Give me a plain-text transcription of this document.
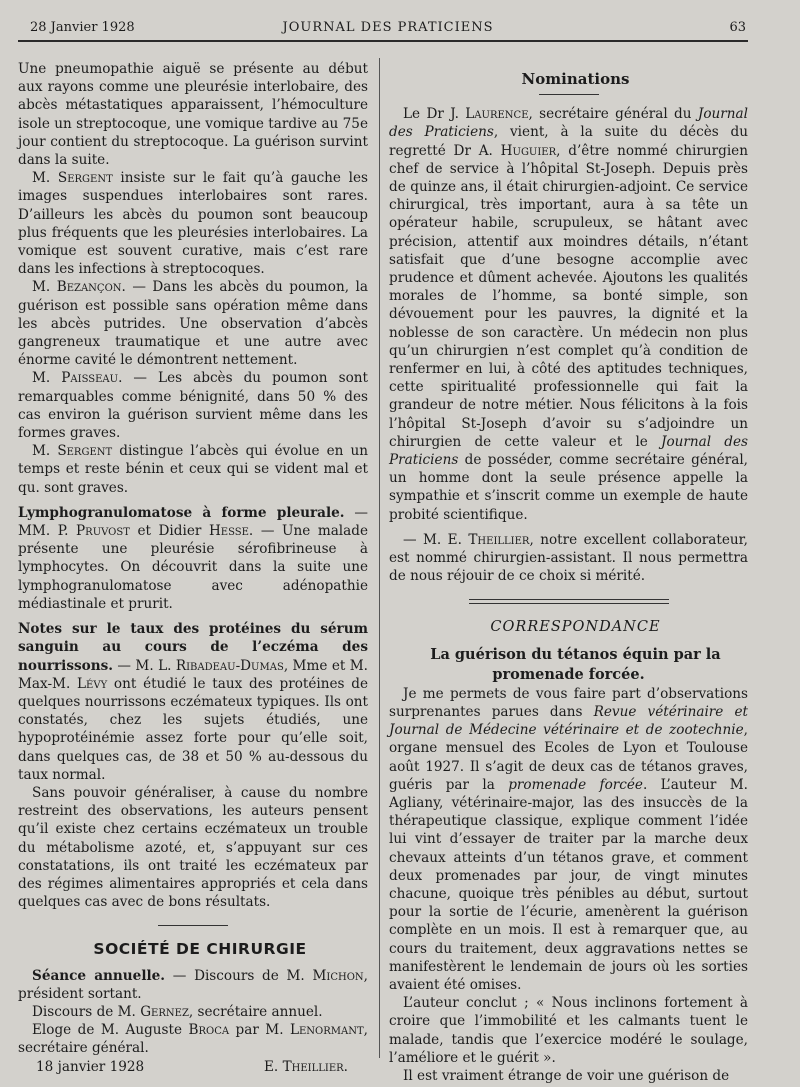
28 Janvier 1928	JOURNAL DES PRATICIENS	63

Une pneumopathie aiguë se présente au début aux rayons comme une pleurésie interlobaire, des abcès métastatiques apparaissent, l’hémoculture isole un streptocoque, une vomique tardive au 75e jour contient du streptocoque. La guérison survint dans la suite.

M. Sergent insiste sur le fait qu’à gauche les images suspendues interlobaires sont rares. D’ailleurs les abcès du poumon sont beaucoup plus fréquents que les pleurésies interlobaires. La vomique est souvent curative, mais c’est rare dans les infections à streptocoques.

M. Bezançon. — Dans les abcès du poumon, la guérison est possible sans opération même dans les abcès putrides. Une observation d’abcès gangreneux traumatique et une autre avec énorme cavité le démontrent nettement.

M. Paisseau. — Les abcès du poumon sont remarquables comme bénignité, dans 50 % des cas environ la guérison survient même dans les formes graves.

M. Sergent distingue l’abcès qui évolue en un temps et reste bénin et ceux qui se vident mal et qu. sont graves.

Lymphogranulomatose à forme pleurale. — MM. P. Pruvost et Didier Hesse. — Une malade présente une pleurésie sérofibrineuse à lymphocytes. On découvrit dans la suite une lymphogranulomatose avec adénopathie médiastinale et prurit.

Notes sur le taux des protéines du sérum sanguin au cours de l’eczéma des nourrissons. — M. L. Ribadeau-Dumas, Mme et M. Max-M. Lévy ont étudié le taux des protéines de quelques nourrissons eczémateux typiques. Ils ont constatés, chez les sujets étudiés, une hypoprotéinémie assez forte pour qu’elle soit, dans quelques cas, de 38 et 50 % au-dessous du taux normal.

Sans pouvoir généraliser, à cause du nombre restreint des observations, les auteurs pensent qu’il existe chez certains eczémateux un trouble du métabolisme azoté, et, s’appuyant sur ces constatations, ils ont traité les eczémateux par des régimes alimentaires appropriés et cela dans quelques cas avec de bons résultats.

SOCIÉTÉ DE CHIRURGIE

Séance annuelle. — Discours de M. Michon, président sortant.

Discours de M. Gernez, secrétaire annuel.

Eloge de M. Auguste Broca par M. Lenormant, secrétaire général.

18 janvier 1928	E. Theillier.

Nominations

Le Dr J. Laurence, secrétaire général du Journal des Praticiens, vient, à la suite du décès du regretté Dr A. Huguier, d’être nommé chirurgien chef de service à l’hôpital St-Joseph. Depuis près de quinze ans, il était chirurgien-adjoint. Ce service chirurgical, très important, aura à sa tête un opérateur habile, scrupuleux, se hâtant avec précision, attentif aux moindres détails, n’étant satisfait que d’une besogne accomplie avec prudence et dûment achevée. Ajoutons les qualités morales de l’homme, sa bonté simple, son dévouement pour les pauvres, la dignité et la noblesse de son caractère. Un médecin non plus qu’un chirurgien n’est complet qu’à condition de renfermer en lui, à côté des aptitudes techniques, cette spiritualité professionnelle qui fait la grandeur de notre métier. Nous félicitons à la fois l’hôpital St-Joseph d’avoir su s’adjoindre un chirurgien de cette valeur et le Journal des Praticiens de posséder, comme secrétaire général, un homme dont la seule présence appelle la sympathie et s’inscrit comme un exemple de haute probité scientifique.

— M. E. Theillier, notre excellent collaborateur, est nommé chirurgien-assistant. Il nous permettra de nous réjouir de ce choix si mérité.

CORRESPONDANCE

La guérison du tétanos équin par la promenade forcée.

Je me permets de vous faire part d’observations surprenantes parues dans Revue vétérinaire et Journal de Médecine vétérinaire et de zootechnie, organe mensuel des Ecoles de Lyon et Toulouse août 1927. Il s’agit de deux cas de tétanos graves, guéris par la promenade forcée. L’auteur M. Agliany, vétérinaire-major, las des insuccès de la thérapeutique classique, explique comment l’idée lui vint d’essayer de traiter par la marche deux chevaux atteints d’un tétanos grave, et comment deux promenades par jour, de vingt minutes chacune, quoique très pénibles au début, surtout pour la sortie de l’écurie, amenèrent la guérison complète en un mois. Il est à remarquer que, au cours du traitement, deux aggravations nettes se manifestèrent le lendemain de jours où les sorties avaient été omises.

L’auteur conclut ; « Nous inclinons fortement à croire que l’immobilité et les calmants tuent le malade, tandis que l’exercice modéré le soulage, l’améliore et le guérit ».

Il est vraiment étrange de voir une guérison de
